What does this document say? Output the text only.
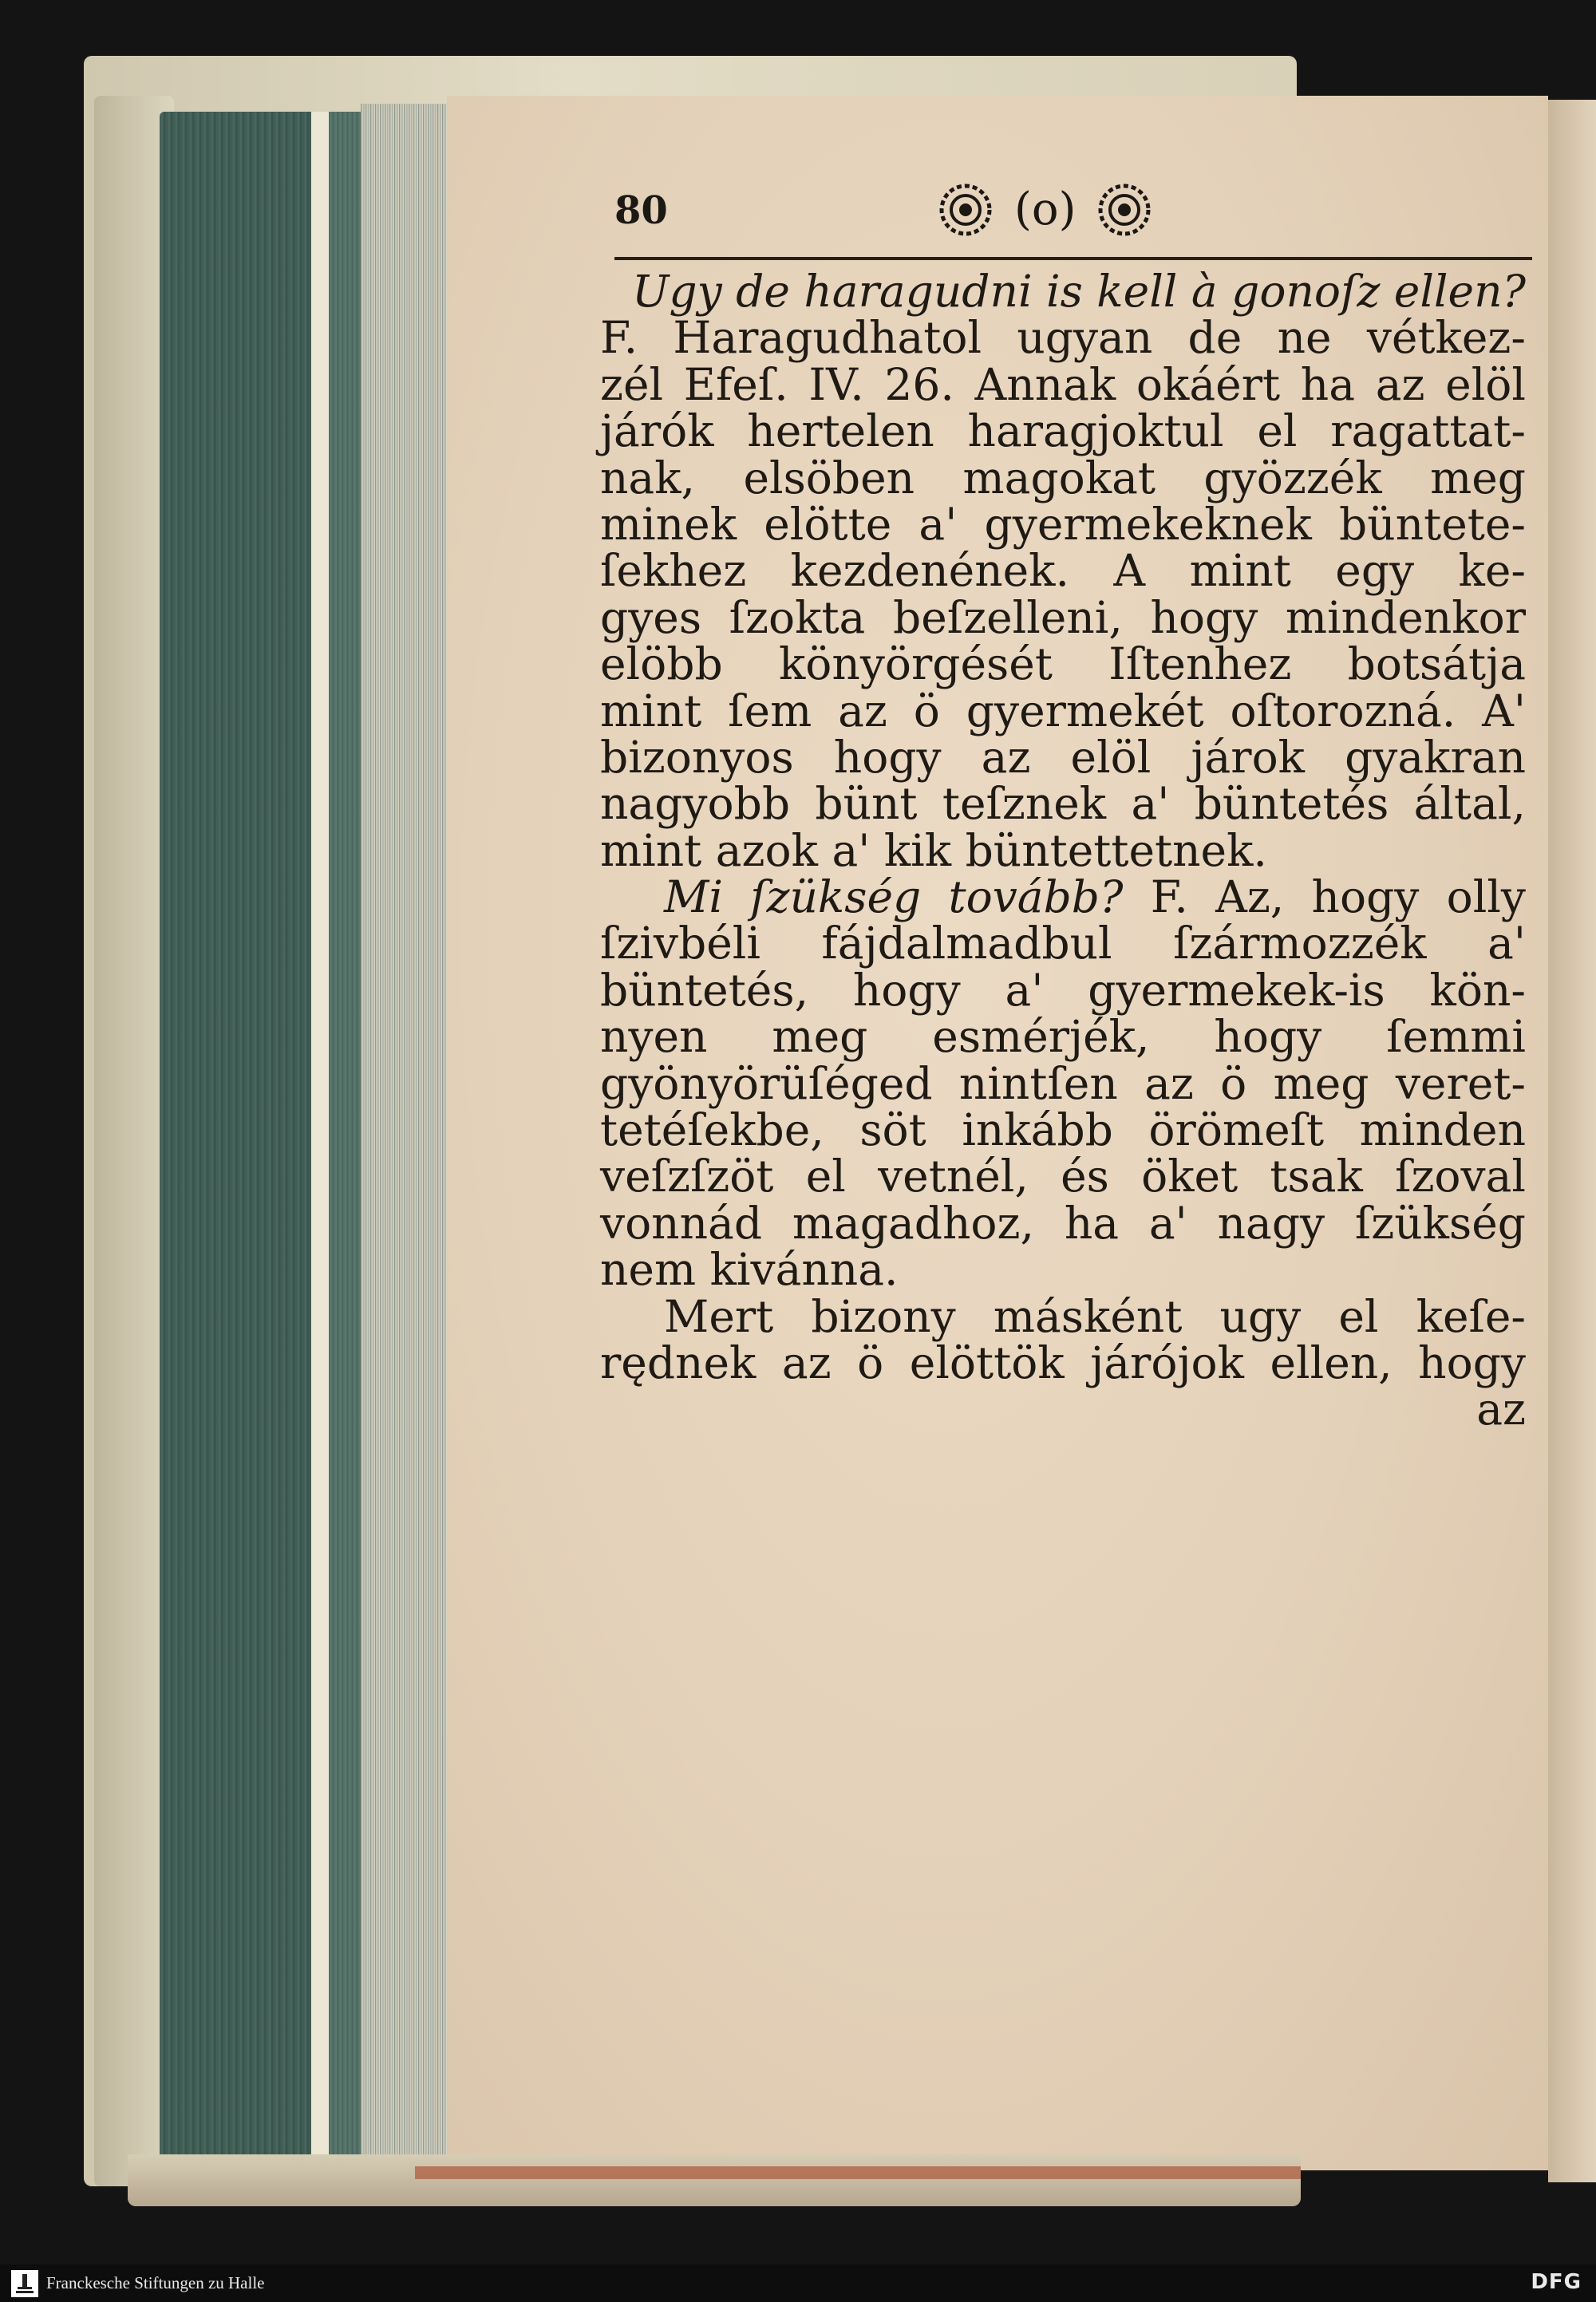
80	(o)
Ugy de haragudni is kell à gonoſz ellen?
F. Haragudhatol ugyan de ne vétkez-
zél Efeſ. IV. 26. Annak okáért ha az elöl
járók hertelen haragjoktul el ragattat-
nak, elsöben magokat gyözzék meg
minek elötte a' gyermekeknek büntete-
ſekhez kezdenének. A mint egy ke-
gyes ſzokta beſzelleni, hogy mindenkor
elöbb könyörgését Iſtenhez botsátja
mint ſem az ö gyermekét oſtorozná. A'
bizonyos hogy az elöl járok gyakran
nagyobb bünt teſznek a' büntetés által,
mint azok a' kik büntettetnek.
Mi ſzükség tovább? F. Az, hogy olly
ſzivbéli fájdalmadbul ſzármozzék a'
büntetés, hogy a' gyermekek-is kön-
nyen meg esmérjék, hogy ſemmi
gyönyörüſéged nintſen az ö meg veret-
tetéſekbe, söt inkább örömeſt minden
veſzſzöt el vetnél, és öket tsak ſzoval
vonnád magadhoz, ha a' nagy ſzükség
nem kivánna.
Mert bizony másként ugy el keſe-
rędnek az ö elöttök járójok ellen, hogy
az
Franckesche Stiftungen zu Halle	DFG
